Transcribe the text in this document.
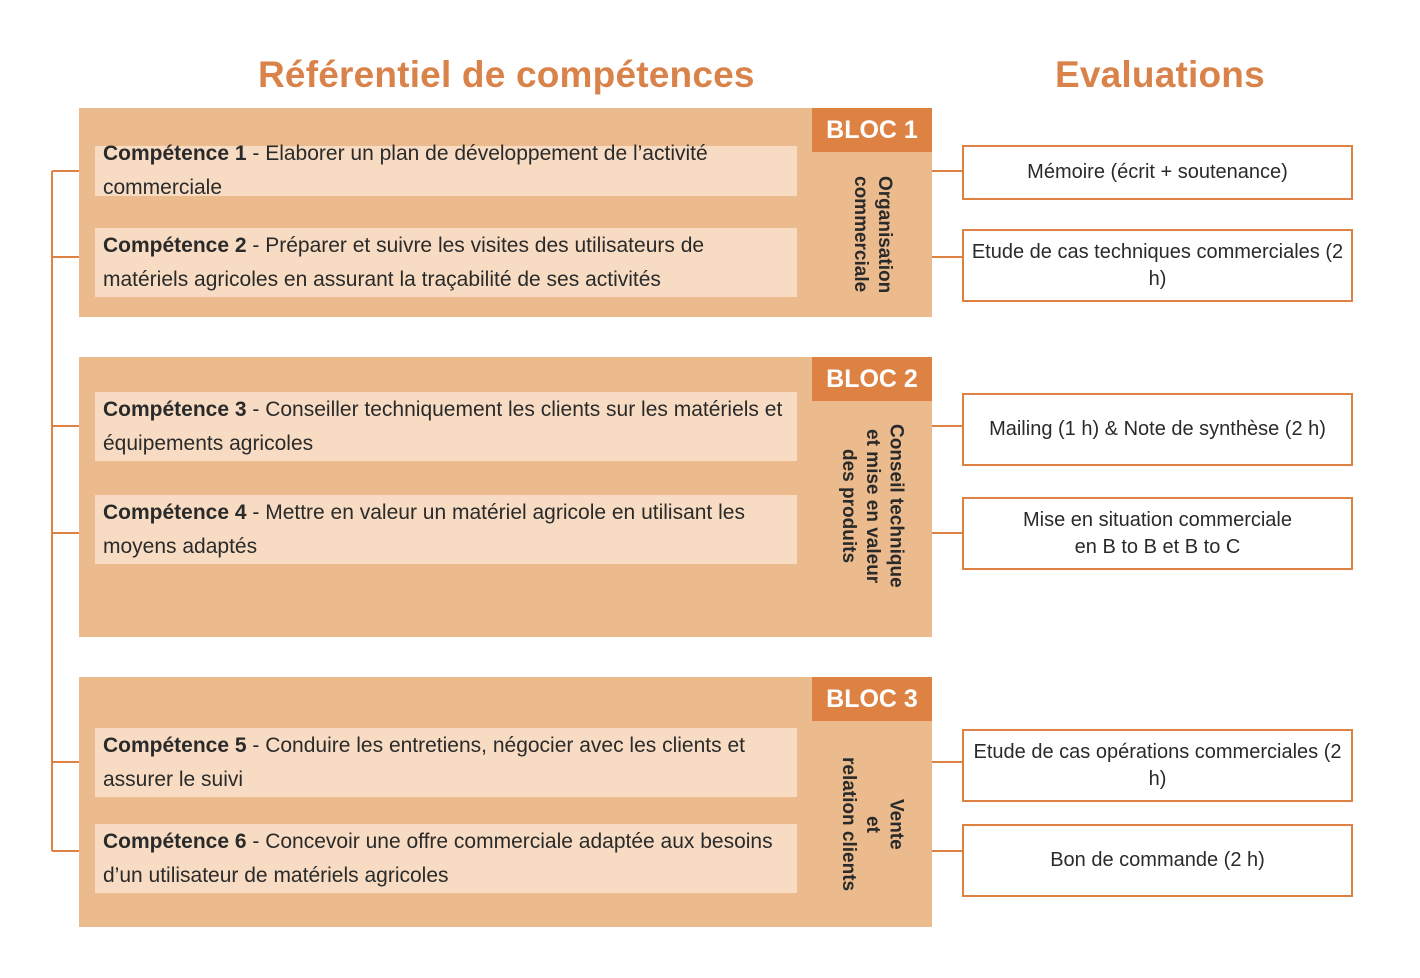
Référentiel de compétences	Evaluations
BLOC 1
Organisation
commerciale
Compétence 1 - Elaborer un plan de développement de l’activité commerciale
Compétence 2 - Préparer et suivre les visites des utilisateurs de matériels agricoles en assurant la traçabilité de ses activités
BLOC 2
Conseil technique
et mise en valeur
des produits
Compétence 3 - Conseiller techniquement les clients sur les matériels et équipements agricoles
Compétence 4 - Mettre en valeur un matériel agricole en utilisant les moyens adaptés
BLOC 3
Vente
et
relation clients
Compétence 5 - Conduire les entretiens, négocier avec les clients et assurer le suivi
Compétence 6 - Concevoir une offre commerciale adaptée aux besoins d’un utilisateur de matériels agricoles
Mémoire (écrit + soutenance)
Etude de cas techniques commerciales (2 h)
Mailing (1 h) & Note de synthèse (2 h)
Mise en situation commerciale
en B to B et B to C
Etude de cas opérations commerciales (2 h)
Bon de commande (2 h)
